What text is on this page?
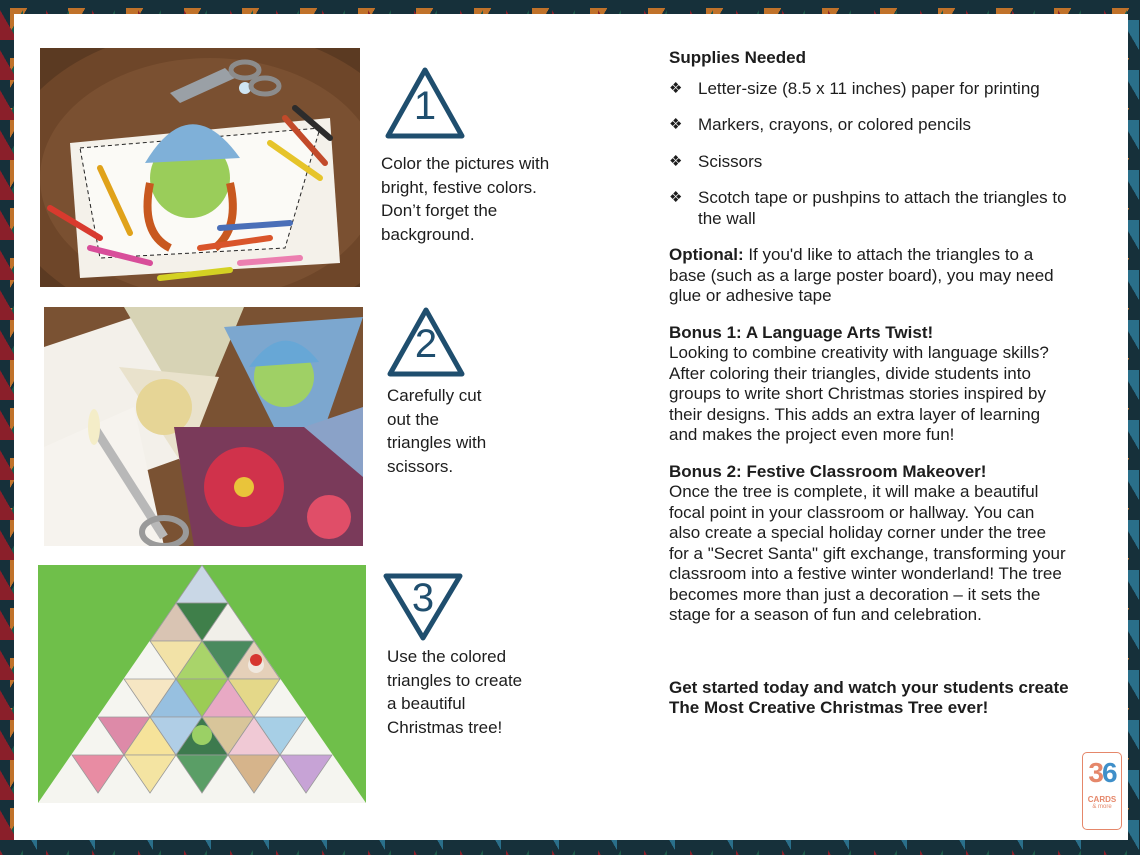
1

Color the pictures with
bright, festive colors.
Don’t forget the
background.

2

Carefully cut
out the
triangles with
scissors.

3

Use the colored
triangles to create
a beautiful
Christmas tree!

Supplies Needed
❖ Letter-size (8.5 x 11 inches) paper for printing
❖ Markers, crayons, or colored pencils
❖ Scissors
❖ Scotch tape or pushpins to attach the triangles to the wall

Optional: If you'd like to attach the triangles to a base (such as a large poster board), you may need glue or adhesive tape

Bonus 1: A Language Arts Twist!
Looking to combine creativity with language skills? After coloring their triangles, divide students into groups to write short Christmas stories inspired by their designs. This adds an extra layer of learning and makes the project even more fun!

Bonus 2: Festive Classroom Makeover!
Once the tree is complete, it will make a beautiful focal point in your classroom or hallway. You can also create a special holiday corner under the tree for a "Secret Santa" gift exchange, transforming your classroom into a festive winter wonderland! The tree becomes more than just a decoration – it sets the stage for a season of fun and celebration.

Get started today and watch your students create The Most Creative Christmas Tree ever!

36
CARDS
& more
